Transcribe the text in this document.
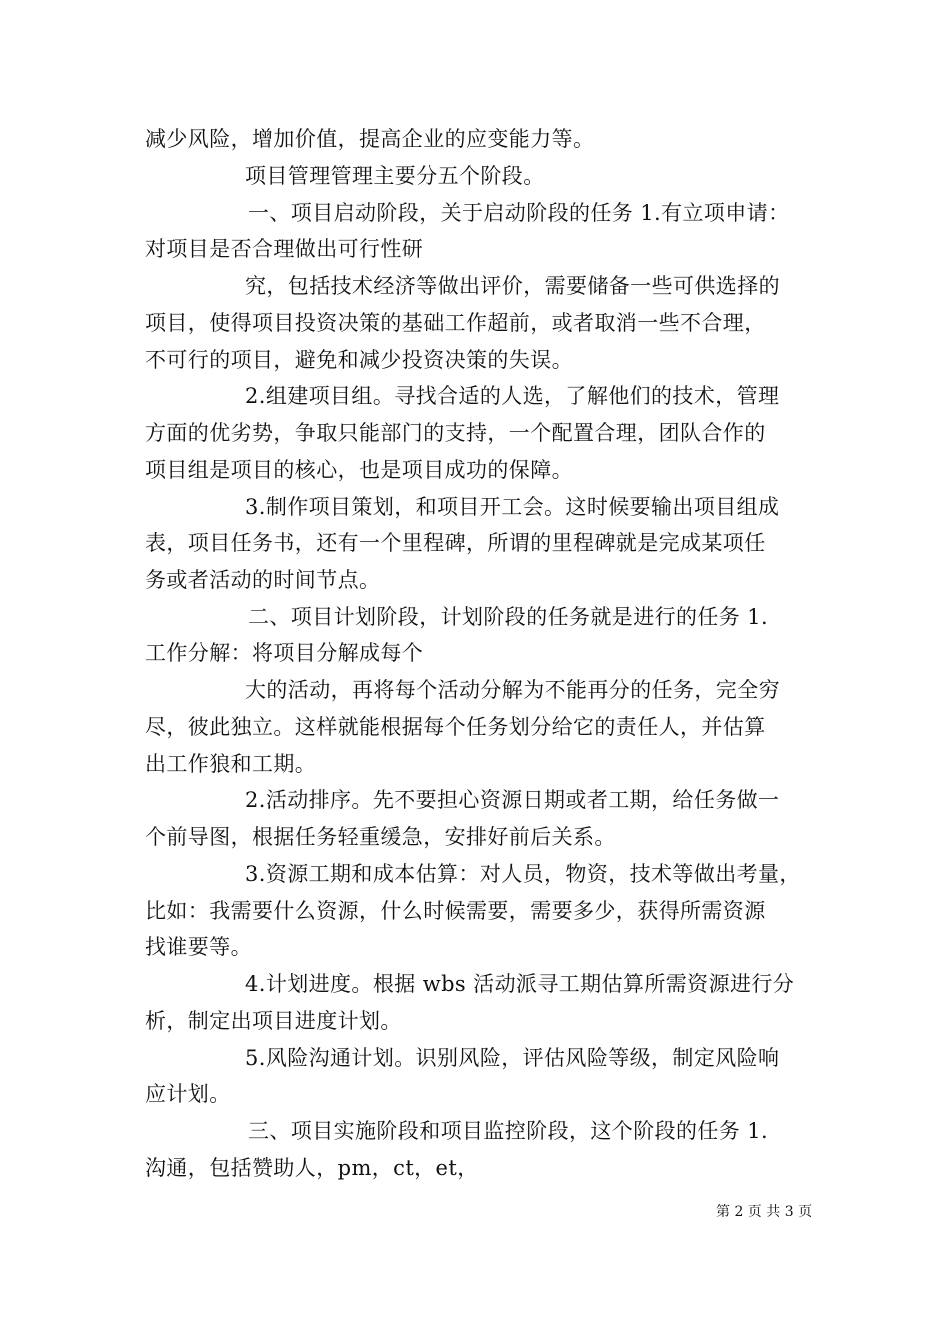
减少风险，增加价值，提高企业的应变能力等。
项目管理管理主要分五个阶段。
一、项目启动阶段，关于启动阶段的任务 1.有立项申请：
对项目是否合理做出可行性研
究，包括技术经济等做出评价，需要储备一些可供选择的
项目，使得项目投资决策的基础工作超前，或者取消一些不合理，
不可行的项目，避免和减少投资决策的失误。
2.组建项目组。寻找合适的人选，了解他们的技术，管理
方面的优劣势，争取只能部门的支持，一个配置合理，团队合作的
项目组是项目的核心，也是项目成功的保障。
3.制作项目策划，和项目开工会。这时候要输出项目组成
表，项目任务书，还有一个里程碑，所谓的里程碑就是完成某项任
务或者活动的时间节点。
二、项目计划阶段，计划阶段的任务就是进行的任务 1.
工作分解：将项目分解成每个
大的活动，再将每个活动分解为不能再分的任务，完全穷
尽，彼此独立。这样就能根据每个任务划分给它的责任人，并估算
出工作狼和工期。
2.活动排序。先不要担心资源日期或者工期，给任务做一
个前导图，根据任务轻重缓急，安排好前后关系。
3.资源工期和成本估算：对人员，物资，技术等做出考量，
比如：我需要什么资源，什么时候需要，需要多少，获得所需资源
找谁要等。
4.计划进度。根据 wbs 活动派寻工期估算所需资源进行分
析，制定出项目进度计划。
5.风险沟通计划。识别风险，评估风险等级，制定风险响
应计划。
三、项目实施阶段和项目监控阶段，这个阶段的任务 1.
沟通，包括赞助人，pm，ct，et，
第 2 页 共 3 页
